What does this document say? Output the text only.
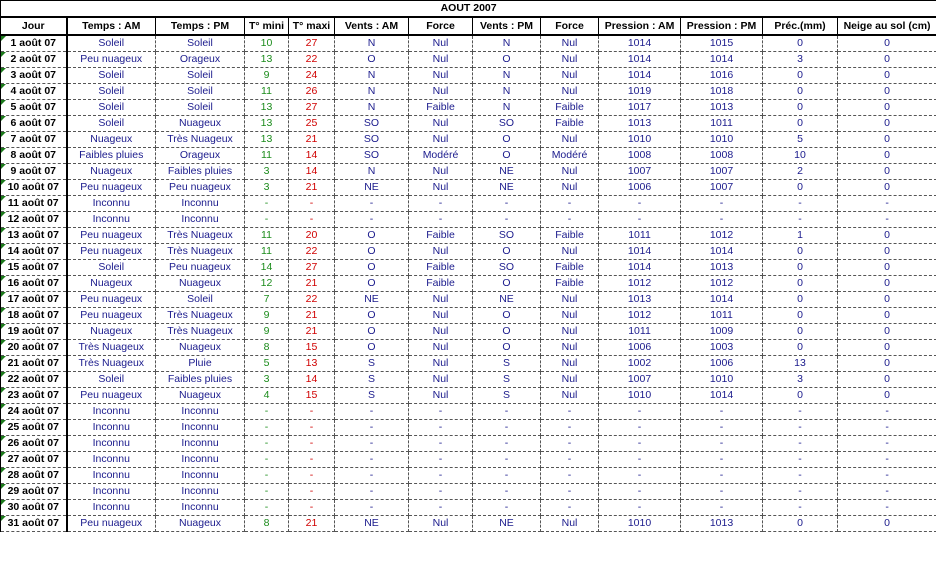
AOUT 2007												
Jour	Temps : AM	Temps : PM	T° mini	T° maxi	Vents : AM	Force	Vents : PM	Force	Pression : AM	Pression : PM	Préc.(mm)	Neige au sol (cm)
1 août 07	Soleil	Soleil	10	27	N	Nul	N	Nul	1014	1015	0	0
2 août 07	Peu nuageux	Orageux	13	22	O	Nul	O	Nul	1014	1014	3	0
3 août 07	Soleil	Soleil	9	24	N	Nul	N	Nul	1014	1016	0	0
4 août 07	Soleil	Soleil	11	26	N	Nul	N	Nul	1019	1018	0	0
5 août 07	Soleil	Soleil	13	27	N	Faible	N	Faible	1017	1013	0	0
6 août 07	Soleil	Nuageux	13	25	SO	Nul	SO	Faible	1013	1011	0	0
7 août 07	Nuageux	Très Nuageux	13	21	SO	Nul	O	Nul	1010	1010	5	0
8 août 07	Faibles pluies	Orageux	11	14	SO	Modéré	O	Modéré	1008	1008	10	0
9 août 07	Nuageux	Faibles pluies	3	14	N	Nul	NE	Nul	1007	1007	2	0
10 août 07	Peu nuageux	Peu nuageux	3	21	NE	Nul	NE	Nul	1006	1007	0	0
11 août 07	Inconnu	Inconnu	-	-	-	-	-	-	-	-	-	-
12 août 07	Inconnu	Inconnu	-	-	-	-	-	-	-	-	-	-
13 août 07	Peu nuageux	Très Nuageux	11	20	O	Faible	SO	Faible	1011	1012	1	0
14 août 07	Peu nuageux	Très Nuageux	11	22	O	Nul	O	Nul	1014	1014	0	0
15 août 07	Soleil	Peu nuageux	14	27	O	Faible	SO	Faible	1014	1013	0	0
16 août 07	Nuageux	Nuageux	12	21	O	Faible	O	Faible	1012	1012	0	0
17 août 07	Peu nuageux	Soleil	7	22	NE	Nul	NE	Nul	1013	1014	0	0
18 août 07	Peu nuageux	Très Nuageux	9	21	O	Nul	O	Nul	1012	1011	0	0
19 août 07	Nuageux	Très Nuageux	9	21	O	Nul	O	Nul	1011	1009	0	0
20 août 07	Très Nuageux	Nuageux	8	15	O	Nul	O	Nul	1006	1003	0	0
21 août 07	Très Nuageux	Pluie	5	13	S	Nul	S	Nul	1002	1006	13	0
22 août 07	Soleil	Faibles pluies	3	14	S	Nul	S	Nul	1007	1010	3	0
23 août 07	Peu nuageux	Nuageux	4	15	S	Nul	S	Nul	1010	1014	0	0
24 août 07	Inconnu	Inconnu	-	-	-	-	-	-	-	-	-	-
25 août 07	Inconnu	Inconnu	-	-	-	-	-	-	-	-	-	-
26 août 07	Inconnu	Inconnu	-	-	-	-	-	-	-	-	-	-
27 août 07	Inconnu	Inconnu	-	-	-	-	-	-	-	-	-	-
28 août 07	Inconnu	Inconnu	-	-	-	-	-	-	-	-	-	-
29 août 07	Inconnu	Inconnu	-	-	-	-	-	-	-	-	-	-
30 août 07	Inconnu	Inconnu	-	-	-	-	-	-	-	-	-	-
31 août 07	Peu nuageux	Nuageux	8	21	NE	Nul	NE	Nul	1010	1013	0	0
